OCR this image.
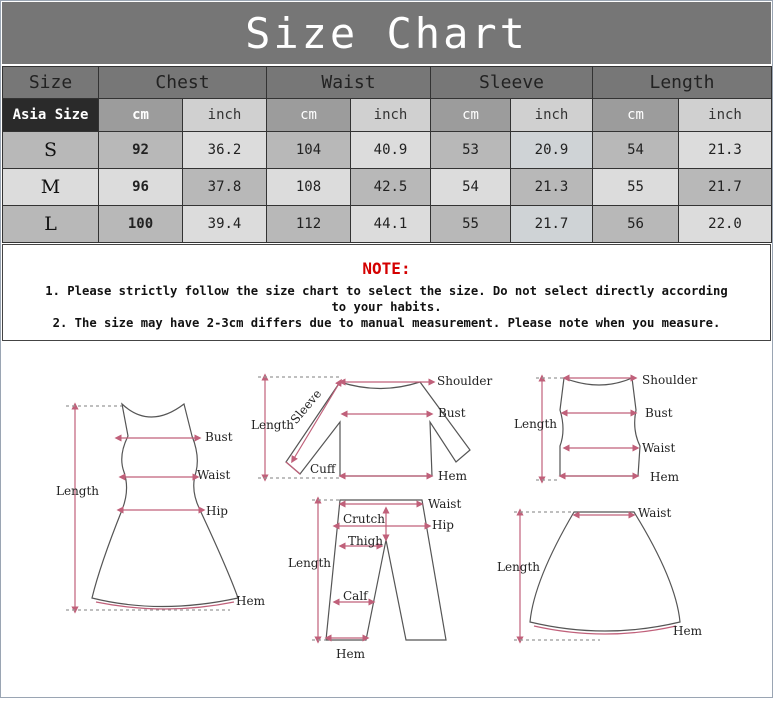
Size Chart
Size	Chest		Waist		Sleeve		Length	
Asia Size	cm	inch	cm	inch	cm	inch	cm	inch
S	92	36.2	104	40.9	53	20.9	54	21.3
M	96	37.8	108	42.5	54	21.3	55	21.7
L	100	39.4	112	44.1	55	21.7	56	22.0
NOTE:
1. Please strictly follow the size chart to select the size. Do not select directly according
to your habits.
2. The size may have 2-3cm differs due to manual measurement. Please note when you measure.
Length
Bust
Waist
Hip
Hem
Length
Sleeve
Shoulder
Bust
Cuff	Hem
Length
Shoulder
Bust
Waist
Hem
Length
Waist
Crutch	Hip
Thigh
Calf
Hem
Length
Waist
Hem
